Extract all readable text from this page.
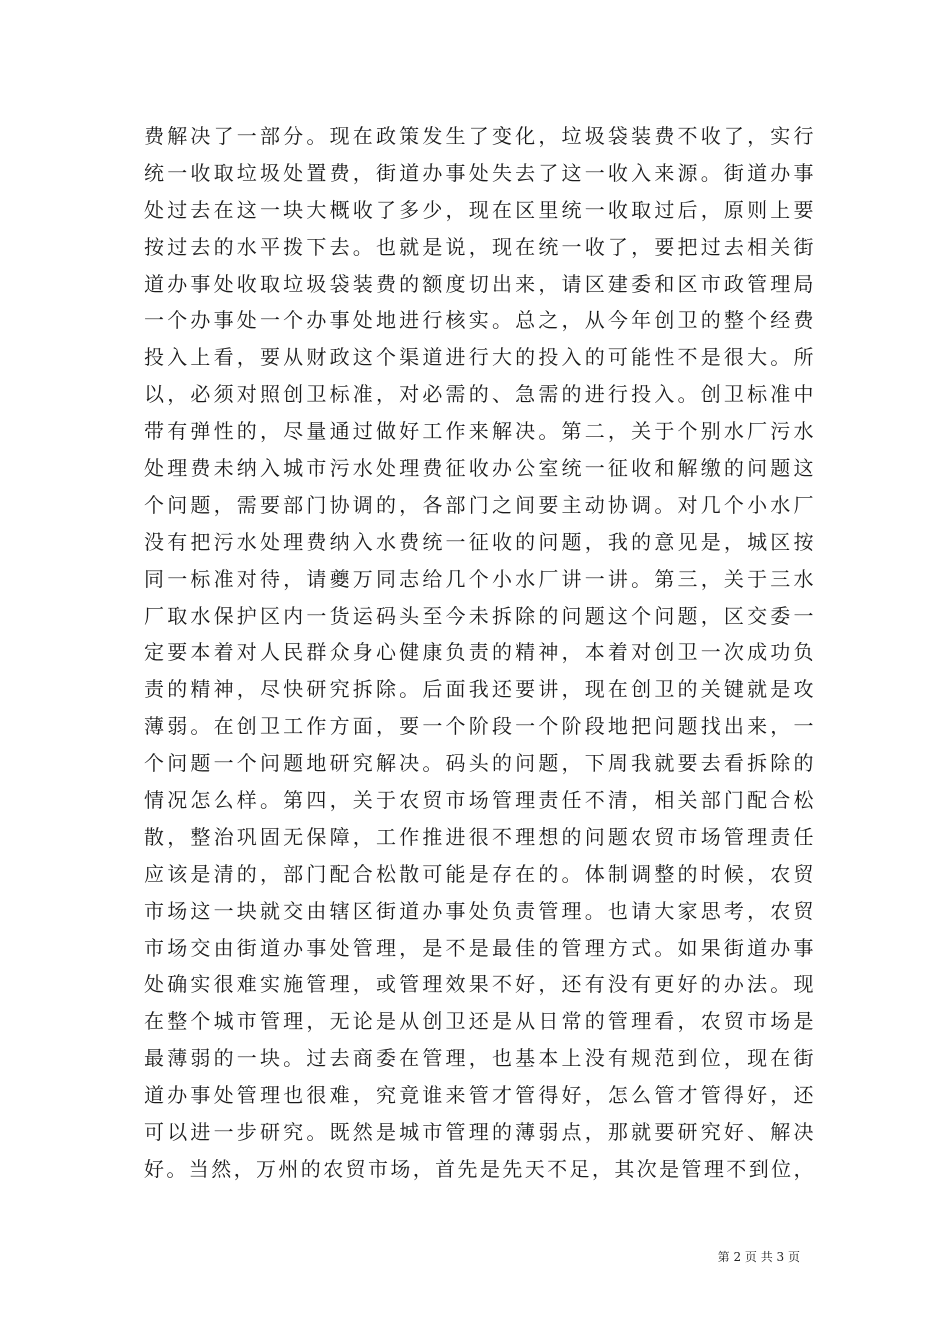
费解决了一部分。现在政策发生了变化，垃圾袋装费不收了，实行
统一收取垃圾处置费，街道办事处失去了这一收入来源。街道办事
处过去在这一块大概收了多少，现在区里统一收取过后，原则上要
按过去的水平拨下去。也就是说，现在统一收了，要把过去相关街
道办事处收取垃圾袋装费的额度切出来，请区建委和区市政管理局
一个办事处一个办事处地进行核实。总之，从今年创卫的整个经费
投入上看，要从财政这个渠道进行大的投入的可能性不是很大。所
以，必须对照创卫标准，对必需的、急需的进行投入。创卫标准中
带有弹性的，尽量通过做好工作来解决。第二，关于个别水厂污水
处理费未纳入城市污水处理费征收办公室统一征收和解缴的问题这
个问题，需要部门协调的，各部门之间要主动协调。对几个小水厂
没有把污水处理费纳入水费统一征收的问题，我的意见是，城区按
同一标准对待，请夔万同志给几个小水厂讲一讲。第三，关于三水
厂取水保护区内一货运码头至今未拆除的问题这个问题，区交委一
定要本着对人民群众身心健康负责的精神，本着对创卫一次成功负
责的精神，尽快研究拆除。后面我还要讲，现在创卫的关键就是攻
薄弱。在创卫工作方面，要一个阶段一个阶段地把问题找出来，一
个问题一个问题地研究解决。码头的问题，下周我就要去看拆除的
情况怎么样。第四，关于农贸市场管理责任不清，相关部门配合松
散，整治巩固无保障，工作推进很不理想的问题农贸市场管理责任
应该是清的，部门配合松散可能是存在的。体制调整的时候，农贸
市场这一块就交由辖区街道办事处负责管理。也请大家思考，农贸
市场交由街道办事处管理，是不是最佳的管理方式。如果街道办事
处确实很难实施管理，或管理效果不好，还有没有更好的办法。现
在整个城市管理，无论是从创卫还是从日常的管理看，农贸市场是
最薄弱的一块。过去商委在管理，也基本上没有规范到位，现在街
道办事处管理也很难，究竟谁来管才管得好，怎么管才管得好，还
可以进一步研究。既然是城市管理的薄弱点，那就要研究好、解决
好。当然，万州的农贸市场，首先是先天不足，其次是管理不到位，
第 2 页 共 3 页
